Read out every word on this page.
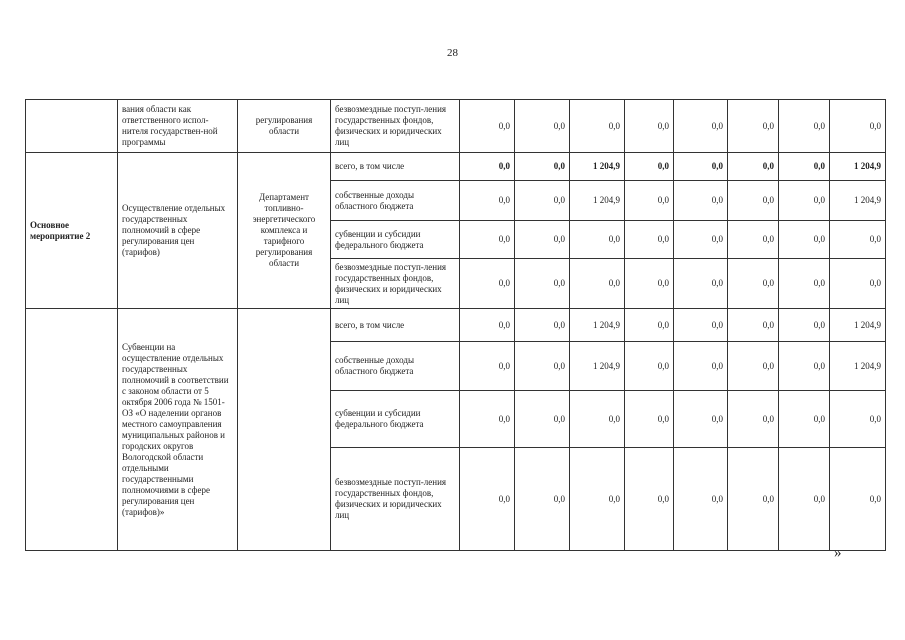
28
	вания области как ответственного испол-нителя государствен-ной программы	регулирования области	безвозмездные поступ-ления государственных фондов, физических и юридических лиц	0,0	0,0	0,0	0,0	0,0	0,0	0,0	0,0
Основное мероприятие 2	Осуществление отдельных государственных полномочий в сфере регулирования цен (тарифов)	Департамент топливно-энергетического комплекса и тарифного регулирования области	всего, в том числе	0,0	0,0	1 204,9	0,0	0,0	0,0	0,0	1 204,9
			собственные доходы областного бюджета	0,0	0,0	1 204,9	0,0	0,0	0,0	0,0	1 204,9
			субвенции и субсидии федерального бюджета	0,0	0,0	0,0	0,0	0,0	0,0	0,0	0,0
			безвозмездные поступ-ления государственных фондов, физических и юридических лиц	0,0	0,0	0,0	0,0	0,0	0,0	0,0	0,0
	Субвенции на осуществление отдельных государственных полномочий в соответствии с законом области от 5 октября 2006 года № 1501-ОЗ «О наделении органов местного самоуправления муниципальных районов и городских округов Вологодской области отдельными государственными полномочиями в сфере регулирования цен (тарифов)»		всего, в том числе	0,0	0,0	1 204,9	0,0	0,0	0,0	0,0	1 204,9
			собственные доходы областного бюджета	0,0	0,0	1 204,9	0,0	0,0	0,0	0,0	1 204,9
			субвенции и субсидии федерального бюджета	0,0	0,0	0,0	0,0	0,0	0,0	0,0	0,0
			безвозмездные поступ-ления государственных фондов, физических и юридических лиц	0,0	0,0	0,0	0,0	0,0	0,0	0,0	0,0
»
